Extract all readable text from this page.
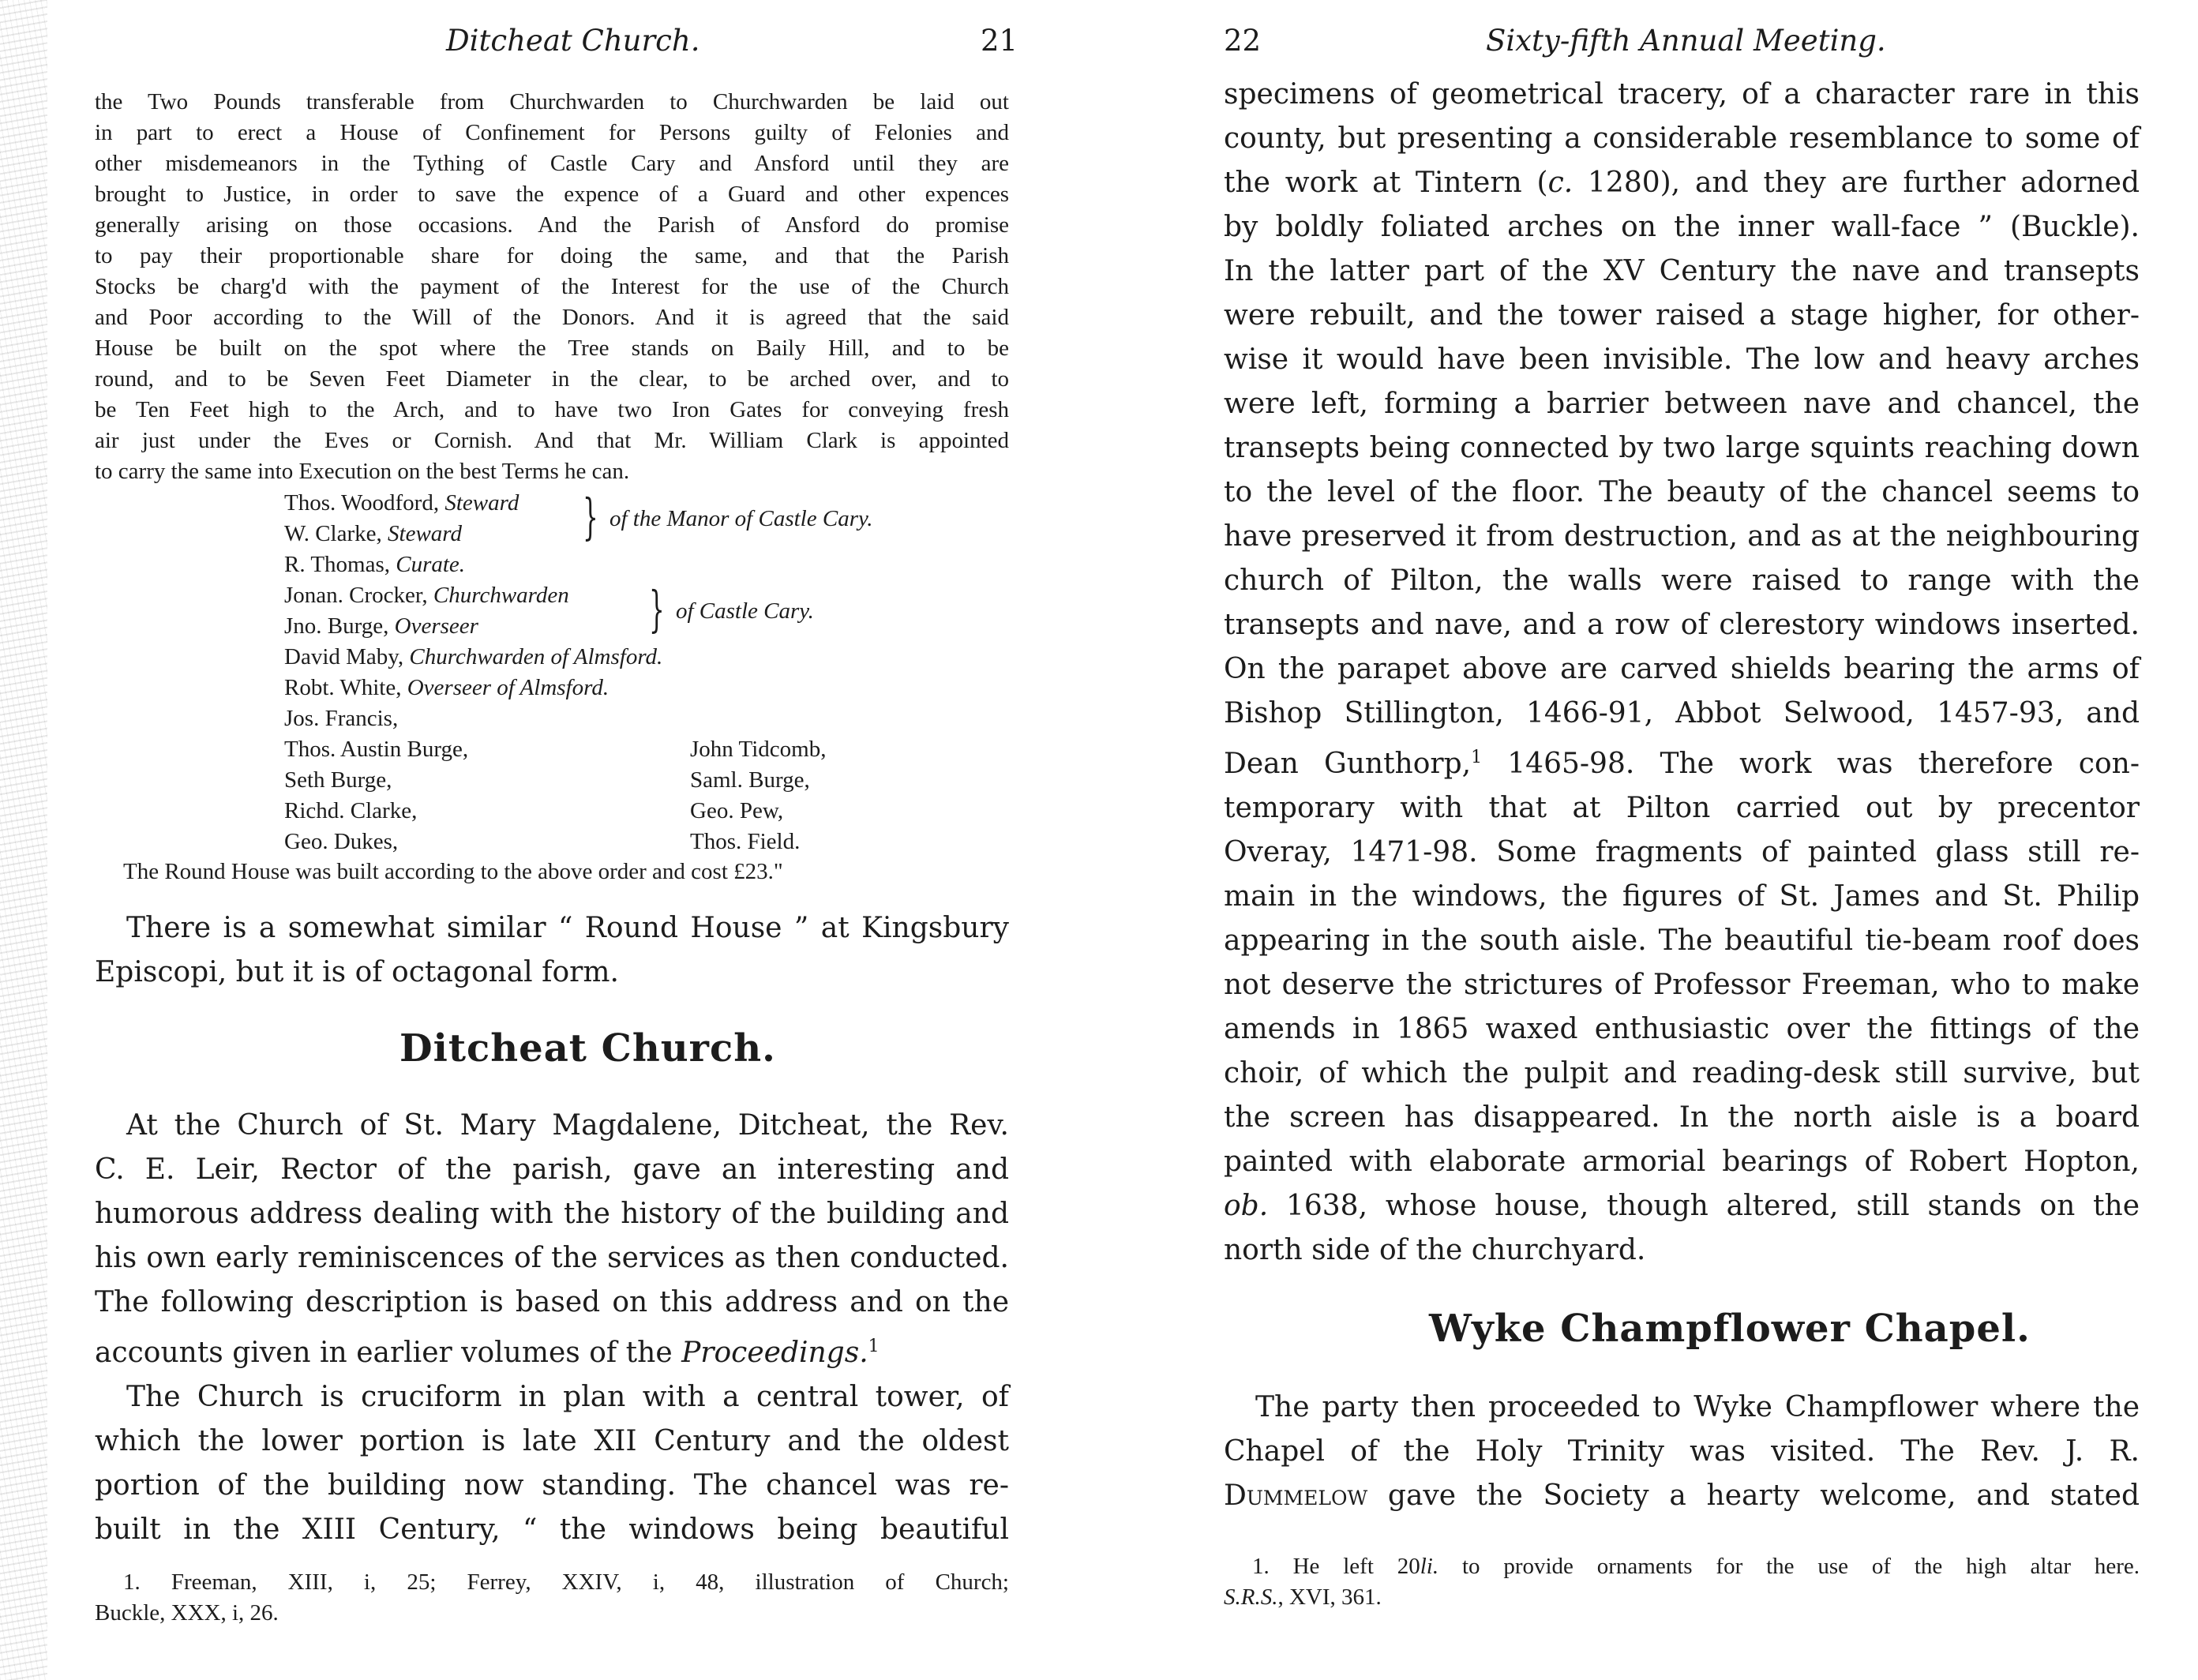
Ditcheat Church.	21

the Two Pounds transferable from Churchwarden to Churchwarden be laid out

in part to erect a House of Confinement for Persons guilty of Felonies and

other misdemeanors in the Tything of Castle Cary and Ansford until they are

brought to Justice, in order to save the expence of a Guard and other expences

generally arising on those occasions. And the Parish of Ansford do promise

to pay their proportionable share for doing the same, and that the Parish

Stocks be charg'd with the payment of the Interest for the use of the Church

and Poor according to the Will of the Donors. And it is agreed that the said

House be built on the spot where the Tree stands on Baily Hill, and to be

round, and to be Seven Feet Diameter in the clear, to be arched over, and to

be Ten Feet high to the Arch, and to have two Iron Gates for conveying fresh

air just under the Eves or Cornish. And that Mr. William Clark is appointed

to carry the same into Execution on the best Terms he can.

Thos. Woodford, Steward
W. Clarke, Steward	} of the Manor of Castle Cary.
R. Thomas, Curate.
Jonan. Crocker, Churchwarden
Jno. Burge, Overseer	} of Castle Cary.
David Maby, Churchwarden of Almsford.
Robt. White, Overseer of Almsford.
Jos. Francis,
Thos. Austin Burge,	John Tidcomb,
Seth Burge,	Saml. Burge,
Richd. Clarke,	Geo. Pew,
Geo. Dukes,	Thos. Field.

The Round House was built according to the above order and cost £23."

There is a somewhat similar “ Round House ” at Kingsbury

Episcopi, but it is of octagonal form.

Ditcheat Church.

At the Church of St. Mary Magdalene, Ditcheat, the Rev.

C. E. Leir, Rector of the parish, gave an interesting and

humorous address dealing with the history of the building and

his own early reminiscences of the services as then conducted.

The following description is based on this address and on the

accounts given in earlier volumes of the Proceedings.$^1$

The Church is cruciform in plan with a central tower, of

which the lower portion is late XII Century and the oldest

portion of the building now standing. The chancel was re-

built in the XIII Century, “ the windows being beautiful

1. Freeman, XIII, i, 25; Ferrey, XXIV, i, 48, illustration of Church;

Buckle, XXX, i, 26.

22	Sixty-fifth Annual Meeting.

specimens of geometrical tracery, of a character rare in this

county, but presenting a considerable resemblance to some of

the work at Tintern (c. 1280), and they are further adorned

by boldly foliated arches on the inner wall-face ” (Buckle).

In the latter part of the XV Century the nave and transepts

were rebuilt, and the tower raised a stage higher, for other-

wise it would have been invisible. The low and heavy arches

were left, forming a barrier between nave and chancel, the

transepts being connected by two large squints reaching down

to the level of the floor. The beauty of the chancel seems to

have preserved it from destruction, and as at the neighbouring

church of Pilton, the walls were raised to range with the

transepts and nave, and a row of clerestory windows inserted.

On the parapet above are carved shields bearing the arms of

Bishop Stillington, 1466-91, Abbot Selwood, 1457-93, and

Dean Gunthorp,$^1$ 1465-98. The work was therefore con-

temporary with that at Pilton carried out by precentor

Overay, 1471-98. Some fragments of painted glass still re-

main in the windows, the figures of St. James and St. Philip

appearing in the south aisle. The beautiful tie-beam roof does

not deserve the strictures of Professor Freeman, who to make

amends in 1865 waxed enthusiastic over the fittings of the

choir, of which the pulpit and reading-desk still survive, but

the screen has disappeared. In the north aisle is a board

painted with elaborate armorial bearings of Robert Hopton,

ob. 1638, whose house, though altered, still stands on the

north side of the churchyard.

Wyke Champflower Chapel.

The party then proceeded to Wyke Champflower where the

Chapel of the Holy Trinity was visited. The Rev. J. R.

Dummelow gave the Society a hearty welcome, and stated

1. He left 20li. to provide ornaments for the use of the high altar here.

S.R.S., XVI, 361.
